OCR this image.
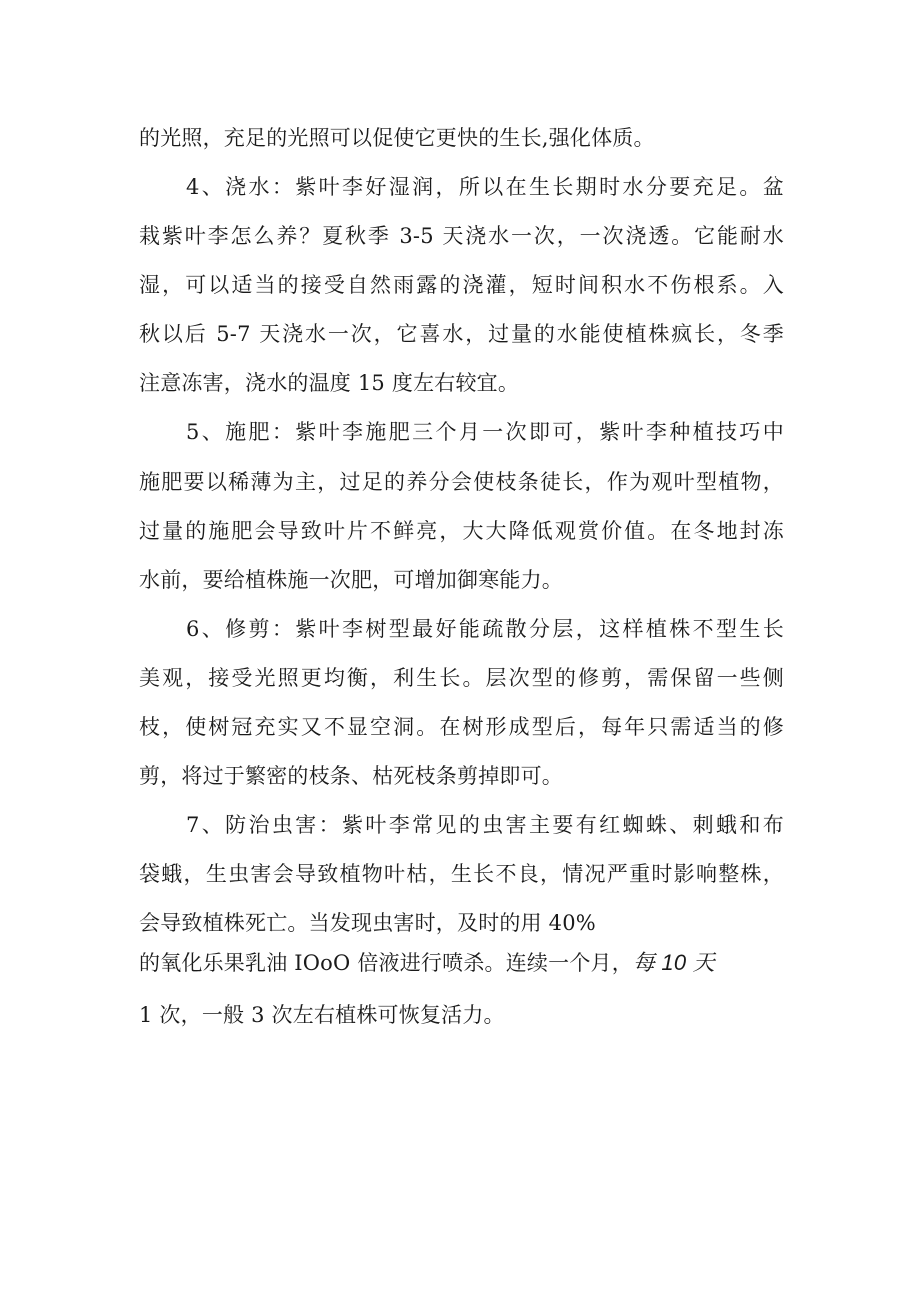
的光照，充足的光照可以促使它更快的生长,强化体质。
4、浇水：紫叶李好湿润，所以在生长期时水分要充足。盆
栽紫叶李怎么养？夏秋季 3-5 天浇水一次，一次浇透。它能耐水
湿，可以适当的接受自然雨露的浇灌，短时间积水不伤根系。入
秋以后 5-7 天浇水一次，它喜水，过量的水能使植株疯长，冬季
注意冻害，浇水的温度 15 度左右较宜。
5、施肥：紫叶李施肥三个月一次即可，紫叶李种植技巧中
施肥要以稀薄为主，过足的养分会使枝条徒长，作为观叶型植物，
过量的施肥会导致叶片不鲜亮，大大降低观赏价值。在冬地封冻
水前，要给植株施一次肥，可增加御寒能力。
6、修剪：紫叶李树型最好能疏散分层，这样植株不型生长
美观，接受光照更均衡，利生长。层次型的修剪，需保留一些侧
枝，使树冠充实又不显空洞。在树形成型后，每年只需适当的修
剪，将过于繁密的枝条、枯死枝条剪掉即可。
7、防治虫害：紫叶李常见的虫害主要有红蜘蛛、刺蛾和布
袋蛾，生虫害会导致植物叶枯，生长不良，情况严重时影响整株，
会导致植株死亡。当发现虫害时，及时的用 40%
的氧化乐果乳油 IOoO 倍液进行喷杀。连续一个月，每 10 天
1 次，一般 3 次左右植株可恢复活力。
